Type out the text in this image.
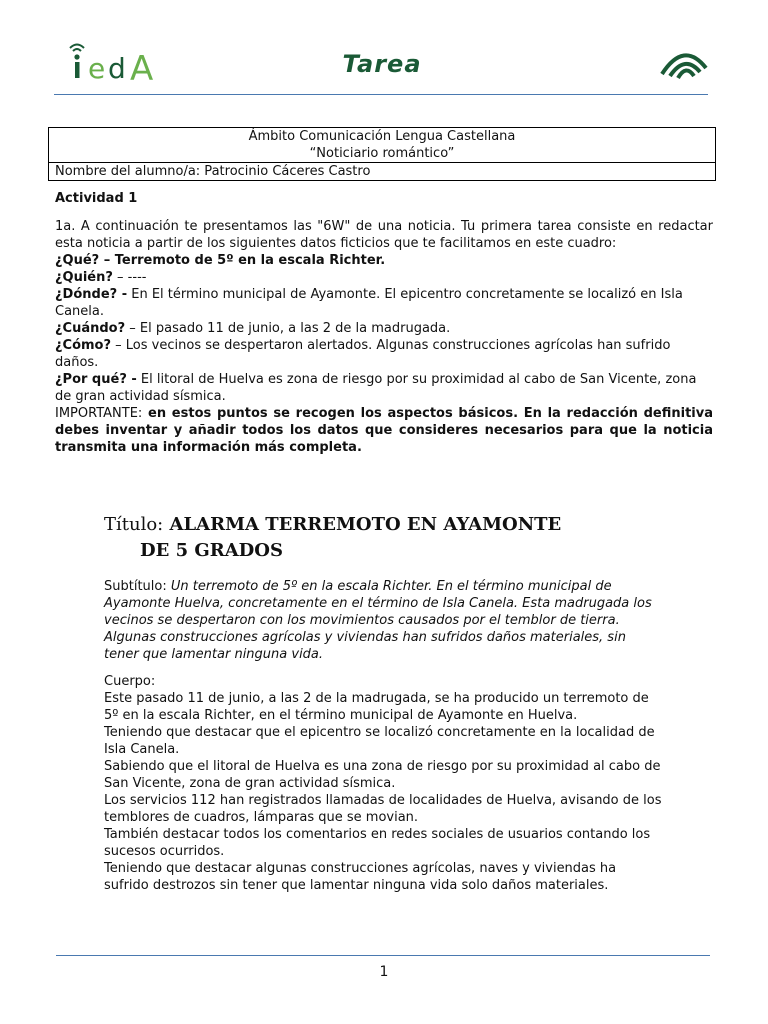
e d A	Tarea
Ámbito Comunicación Lengua Castellana
“Noticiario romántico”

Nombre del alumno/a: Patrocinio Cáceres Castro

Actividad 1

1a. A continuación te presentamos las "6W" de una noticia. Tu primera tarea consiste en redactar esta noticia a partir de los siguientes datos ficticios que te facilitamos en este cuadro:

¿Qué? – Terremoto de 5º en la escala Richter.

¿Quién? – ----

¿Dónde? - En El término municipal de Ayamonte. El epicentro concretamente se localizó en Isla Canela.

¿Cuándo? – El pasado 11 de junio, a las 2 de la madrugada.

¿Cómo? – Los vecinos se despertaron alertados. Algunas construcciones agrícolas han sufrido daños.

¿Por qué? - El litoral de Huelva es zona de riesgo por su proximidad al cabo de San Vicente, zona de gran actividad sísmica.

IMPORTANTE: en estos puntos se recogen los aspectos básicos. En la redacción definitiva debes inventar y añadir todos los datos que consideres necesarios para que la noticia transmita una información más completa.

Título: ALARMA TERREMOTO EN AYAMONTE
DE 5 GRADOS

Subtítulo: Un terremoto de 5º en la escala Richter. En el término municipal de Ayamonte Huelva, concretamente en el término de Isla Canela. Esta madrugada los vecinos se despertaron con los movimientos causados por el temblor de tierra. Algunas construcciones agrícolas y viviendas han sufridos daños materiales, sin tener que lamentar ninguna vida.

Cuerpo:
Este pasado 11 de junio, a las 2 de la madrugada, se ha producido un terremoto de 5º en la escala Richter, en el término municipal de Ayamonte en Huelva.
Teniendo que destacar que el epicentro se localizó concretamente en la localidad de Isla Canela.
Sabiendo que el litoral de Huelva es una zona de riesgo por su proximidad al cabo de San Vicente, zona de gran actividad sísmica.
Los servicios 112 han registrados llamadas de localidades de Huelva, avisando de los temblores de cuadros, lámparas que se movian.
También destacar todos los comentarios en redes sociales de usuarios contando los sucesos ocurridos.
Teniendo que destacar algunas construcciones agrícolas, naves y viviendas ha sufrido destrozos sin tener que lamentar ninguna vida solo daños materiales.
1
